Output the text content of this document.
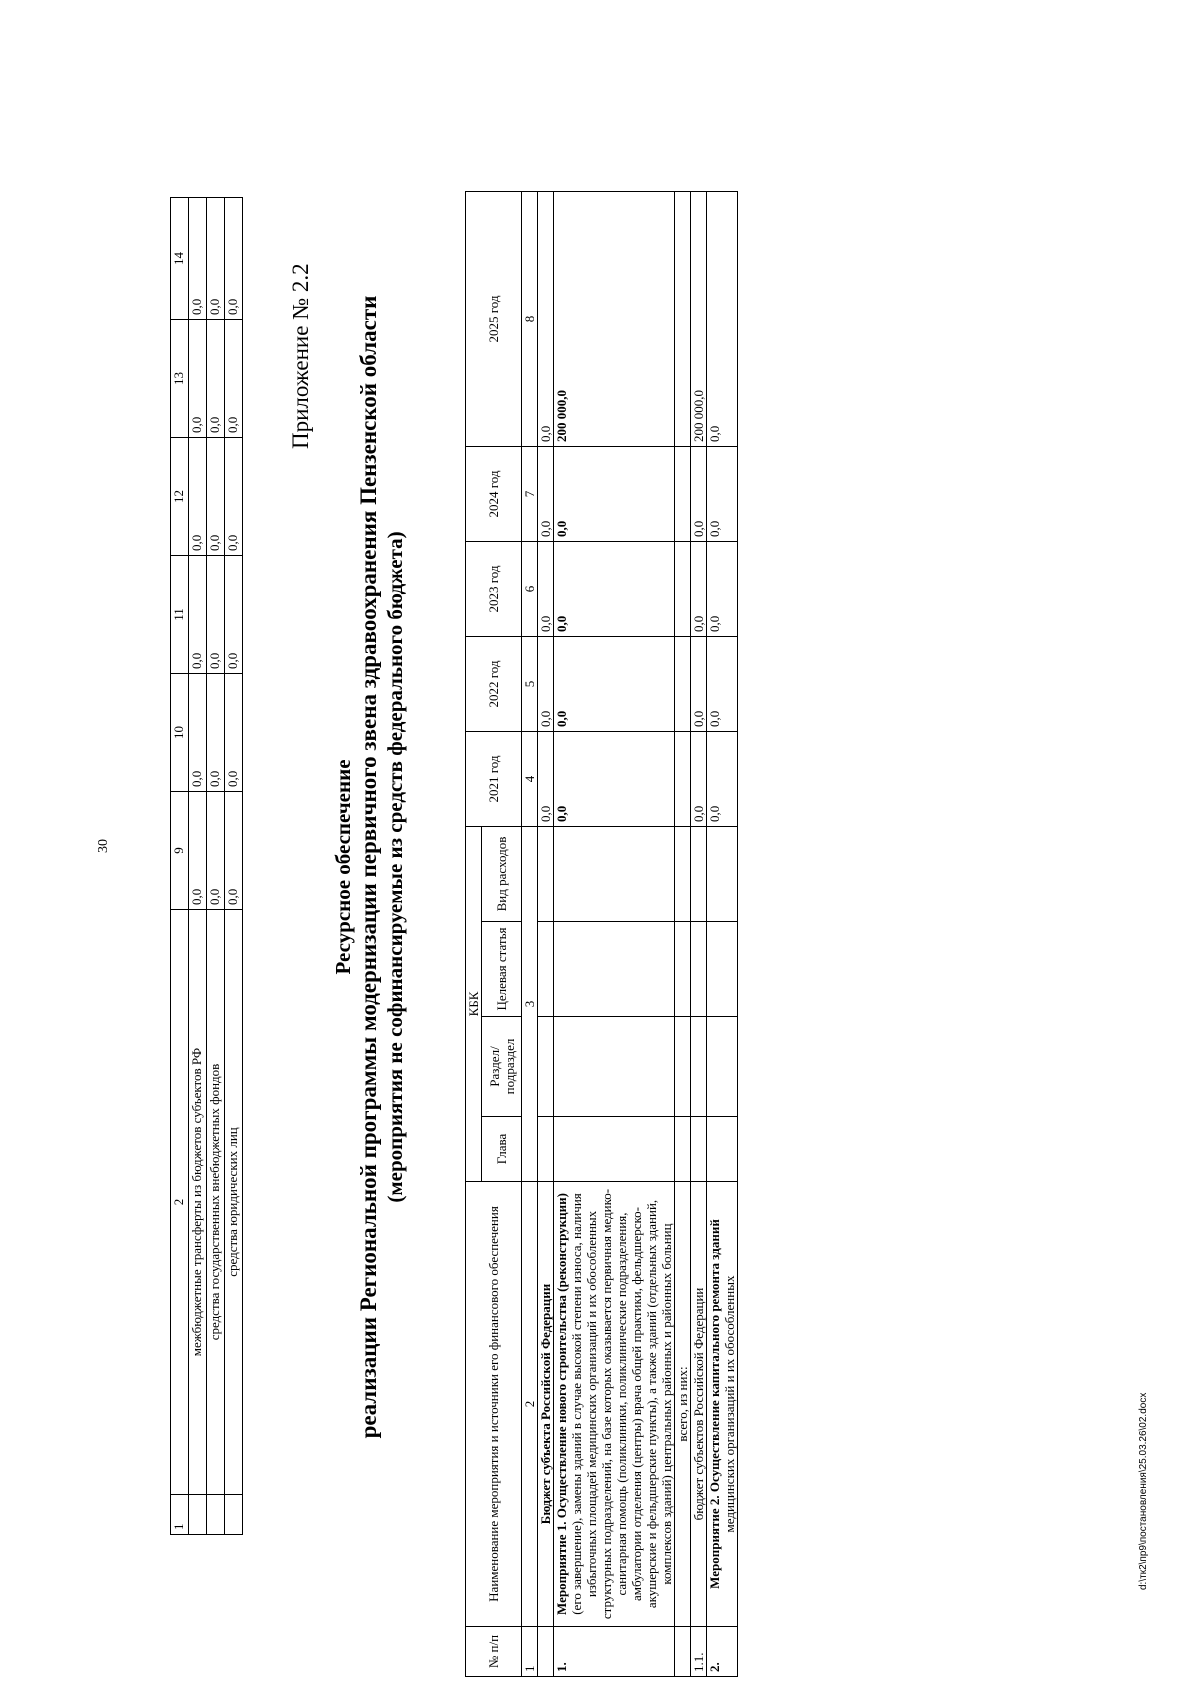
30
d:\тк2\пр9\постановления\25.03.26\02.docx
1	2	9	10	11	12	13	14
	межбюджетные трансферты из бюджетов субъектов РФ	0,0	0,0	0,0	0,0	0,0	0,0
	средства государственных внебюджетных фондов	0,0	0,0	0,0	0,0	0,0	0,0
	средства юридических лиц	0,0	0,0	0,0	0,0	0,0	0,0 Приложение № 2.2
Ресурсное обеспечение реализации Региональной программы модернизации первичного звена здравоохранения Пензенской области (мероприятия не софинансируемые из средств федерального бюджета)
№ п/п	Наименование мероприятия и источники его финансового обеспечения	КБК				2021 год	2022 год	2023 год	2024 год	2025 год
		Глава	Раздел/ подраздел	Целевая статья	Вид расходов					
1	2	3				4	5	6	7	8
	Бюджет субъекта Российской Федерации					0,0	0,0	0,0	0,0	0,0
1.	Мероприятие 1. Осуществление нового строительства (реконструкции) (его завершение), замены зданий в случае высокой степени износа, наличия избыточных площадей медицинских организаций и их обособленных структурных подразделений, на базе которых оказывается первичная медико-санитарная помощь (поликлиники, поликлинические подразделения, амбулатории отделения (центры) врача общей практики, фельдшерско-акушерские и фельдшерские пункты), а также зданий (отдельных зданий, комплексов зданий) центральных районных и районных больниц					0,0	0,0	0,0	0,0	200 000,0
	всего, из них:									
1.1.	бюджет субъектов Российской Федерации					0,0	0,0	0,0	0,0	200 000,0
2.	Мероприятие 2. Осуществление капитального ремонта зданий медицинских организаций и их обособленных					0,0	0,0	0,0	0,0	0,0
